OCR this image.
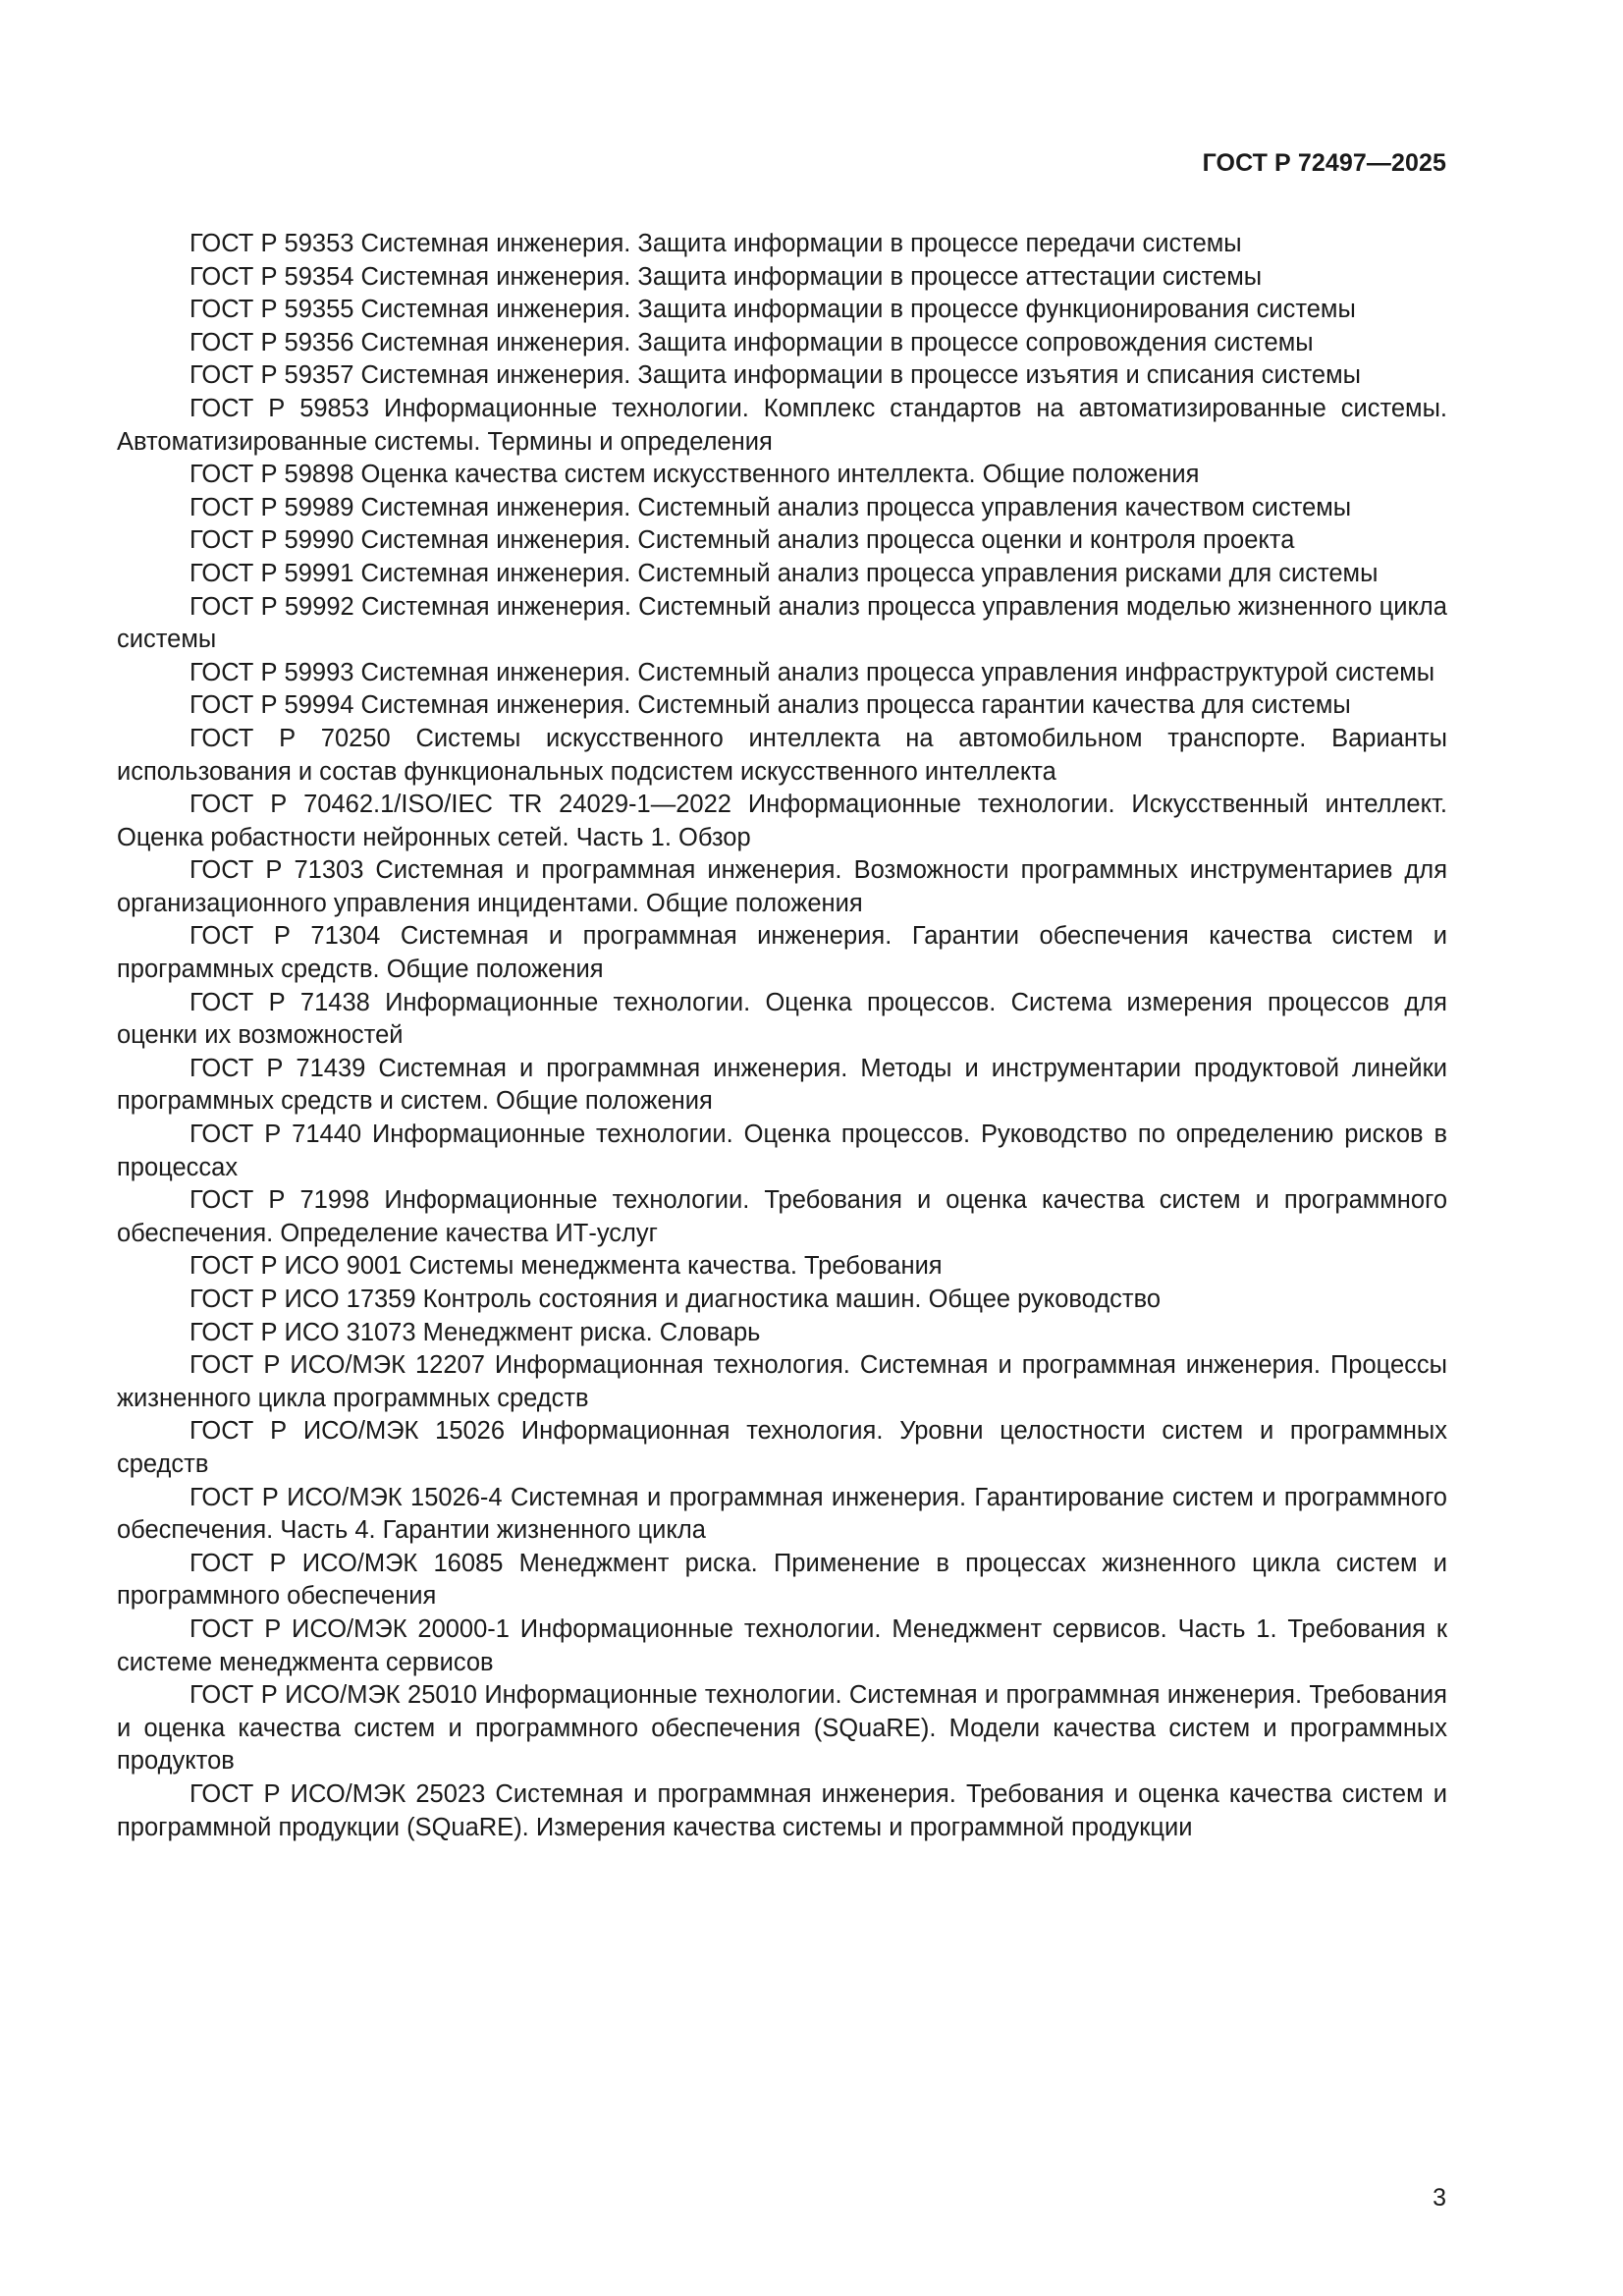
ГОСТ Р 72497—2025

ГОСТ Р 59353 Системная инженерия. Защита информации в процессе передачи системы

ГОСТ Р 59354 Системная инженерия. Защита информации в процессе аттестации системы

ГОСТ Р 59355 Системная инженерия. Защита информации в процессе функционирования системы

ГОСТ Р 59356 Системная инженерия. Защита информации в процессе сопровождения системы

ГОСТ Р 59357 Системная инженерия. Защита информации в процессе изъятия и списания системы

ГОСТ Р 59853 Информационные технологии. Комплекс стандартов на автоматизированные системы. Автоматизированные системы. Термины и определения

ГОСТ Р 59898 Оценка качества систем искусственного интеллекта. Общие положения

ГОСТ Р 59989 Системная инженерия. Системный анализ процесса управления качеством системы

ГОСТ Р 59990 Системная инженерия. Системный анализ процесса оценки и контроля проекта

ГОСТ Р 59991 Системная инженерия. Системный анализ процесса управления рисками для системы

ГОСТ Р 59992 Системная инженерия. Системный анализ процесса управления моделью жизненного цикла системы

ГОСТ Р 59993 Системная инженерия. Системный анализ процесса управления инфраструктурой системы

ГОСТ Р 59994 Системная инженерия. Системный анализ процесса гарантии качества для системы

ГОСТ Р 70250 Системы искусственного интеллекта на автомобильном транспорте. Варианты использования и состав функциональных подсистем искусственного интеллекта

ГОСТ Р 70462.1/ISO/IEC TR 24029-1—2022 Информационные технологии. Искусственный интеллект. Оценка робастности нейронных сетей. Часть 1. Обзор

ГОСТ Р 71303 Системная и программная инженерия. Возможности программных инструментариев для организационного управления инцидентами. Общие положения

ГОСТ Р 71304 Системная и программная инженерия. Гарантии обеспечения качества систем и программных средств. Общие положения

ГОСТ Р 71438 Информационные технологии. Оценка процессов. Система измерения процессов для оценки их возможностей

ГОСТ Р 71439 Системная и программная инженерия. Методы и инструментарии продуктовой линейки программных средств и систем. Общие положения

ГОСТ Р 71440 Информационные технологии. Оценка процессов. Руководство по определению рисков в процессах

ГОСТ Р 71998 Информационные технологии. Требования и оценка качества систем и программного обеспечения. Определение качества ИТ-услуг

ГОСТ Р ИСО 9001 Системы менеджмента качества. Требования

ГОСТ Р ИСО 17359 Контроль состояния и диагностика машин. Общее руководство

ГОСТ Р ИСО 31073 Менеджмент риска. Словарь

ГОСТ Р ИСО/МЭК 12207 Информационная технология. Системная и программная инженерия. Процессы жизненного цикла программных средств

ГОСТ Р ИСО/МЭК 15026 Информационная технология. Уровни целостности систем и программных средств

ГОСТ Р ИСО/МЭК 15026-4 Системная и программная инженерия. Гарантирование систем и программного обеспечения. Часть 4. Гарантии жизненного цикла

ГОСТ Р ИСО/МЭК 16085 Менеджмент риска. Применение в процессах жизненного цикла систем и программного обеспечения

ГОСТ Р ИСО/МЭК 20000-1 Информационные технологии. Менеджмент сервисов. Часть 1. Требования к системе менеджмента сервисов

ГОСТ Р ИСО/МЭК 25010 Информационные технологии. Системная и программная инженерия. Требования и оценка качества систем и программного обеспечения (SQuaRE). Модели качества систем и программных продуктов

ГОСТ Р ИСО/МЭК 25023 Системная и программная инженерия. Требования и оценка качества систем и программной продукции (SQuaRE). Измерения качества системы и программной продукции

3
